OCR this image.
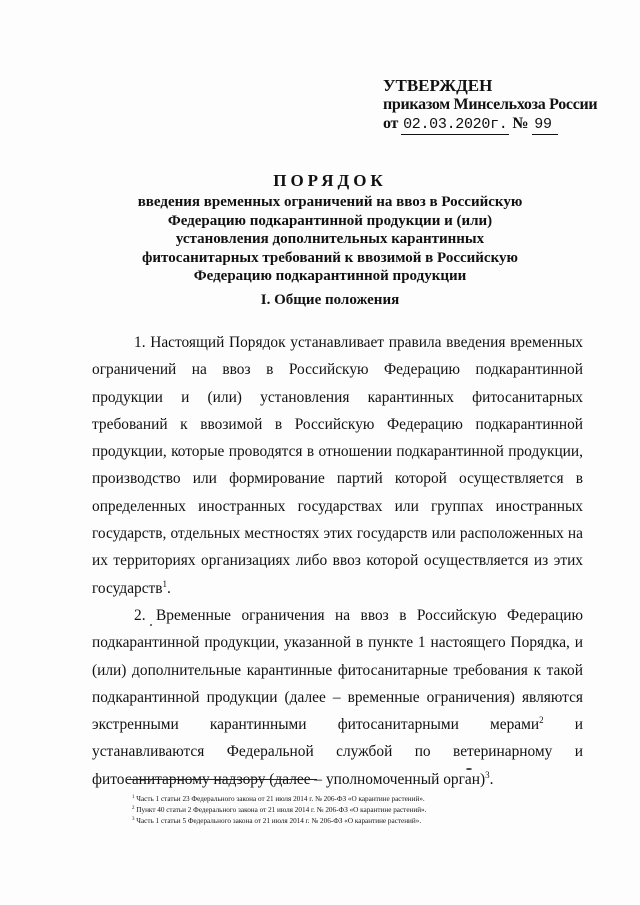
УТВЕРЖДЕН
приказом Минсельхоза России
от 02.03.2020г. № 99
ПОРЯДОК
введения временных ограничений на ввоз в Российскую Федерацию подкарантинной продукции и (или) установления дополнительных карантинных фитосанитарных требований к ввозимой в Российскую Федерацию подкарантинной продукции
I. Общие положения

1. Настоящий Порядок устанавливает правила введения временных ограничений на ввоз в Российскую Федерацию подкарантинной продукции и (или) установления карантинных фитосанитарных требований к ввозимой в Российскую Федерацию подкарантинной продукции, которые проводятся в отношении подкарантинной продукции, производство или формирование партий которой осуществляется в определенных иностранных государствах или группах иностранных государств, отдельных местностях этих государств или расположенных на их территориях организациях либо ввоз которой осуществляется из этих государств$^1$.

2. Временные ограничения на ввоз в Российскую Федерацию подкарантинной продукции, указанной в пункте 1 настоящего Порядка, и (или) дополнительные карантинные фитосанитарные требования к такой подкарантинной продукции (далее – временные ограничения) являются экстренными карантинными фитосанитарными мерами$^2$ и устанавливаются Федеральной службой по ветеринарному и фитосанитарному надзору (далее – уполномоченный орган)$^3$.

$^1$ Часть 1 статьи 23 Федерального закона от 21 июля 2014 г. № 206-ФЗ «О карантине растений».
$^2$ Пункт 40 статьи 2 Федерального закона от 21 июля 2014 г. № 206-ФЗ «О карантине растений».
$^3$ Часть 1 статьи 5 Федерального закона от 21 июля 2014 г. № 206-ФЗ «О карантине растений».
